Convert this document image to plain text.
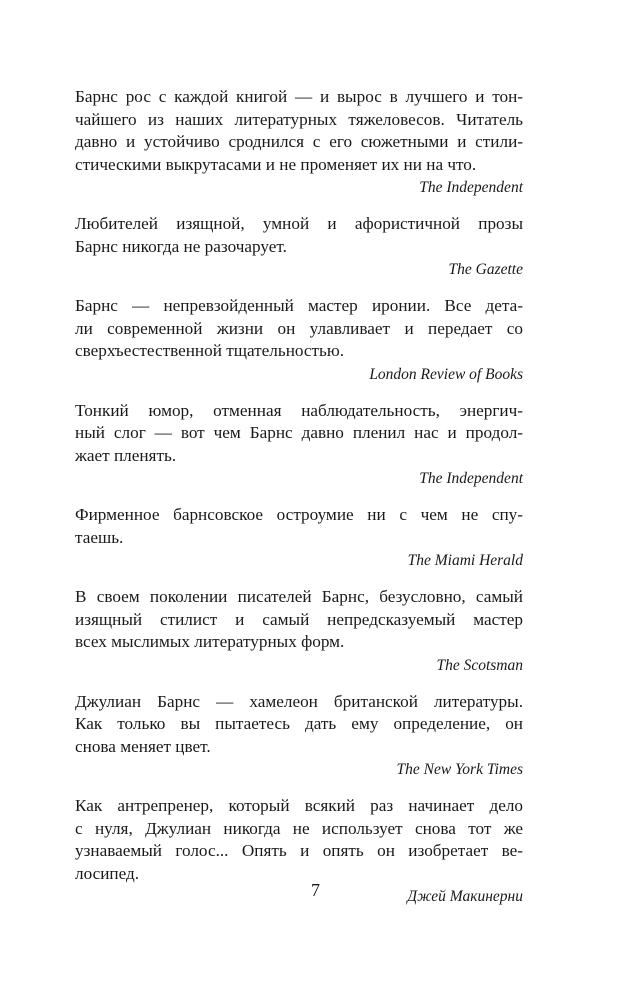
Барнс рос с каждой книгой — и вырос в лучшего и тон-
чайшего из наших литературных тяжеловесов. Читатель
давно и устойчиво сроднился с его сюжетными и стили-
стическими выкрутасами и не променяет их ни на что.

The Independent

Любителей изящной, умной и афористичной прозы
Барнс никогда не разочарует.

The Gazette

Барнс — непревзойденный мастер иронии. Все дета-
ли современной жизни он улавливает и передает со
сверхъестественной тщательностью.

London Review of Books

Тонкий юмор, отменная наблюдательность, энергич-
ный слог — вот чем Барнс давно пленил нас и продол-
жает пленять.

The Independent

Фирменное барнсовское остроумие ни с чем не спу-
таешь.

The Miami Herald

В своем поколении писателей Барнс, безусловно, самый
изящный стилист и самый непредсказуемый мастер
всех мыслимых литературных форм.

The Scotsman

Джулиан Барнс — хамелеон британской литературы.
Как только вы пытаетесь дать ему определение, он
снова меняет цвет.

The New York Times

Как антрепренер, который всякий раз начинает дело
с нуля, Джулиан никогда не использует снова тот же
узнаваемый голос... Опять и опять он изобретает ве-
лосипед.

Джей Макинерни

7
